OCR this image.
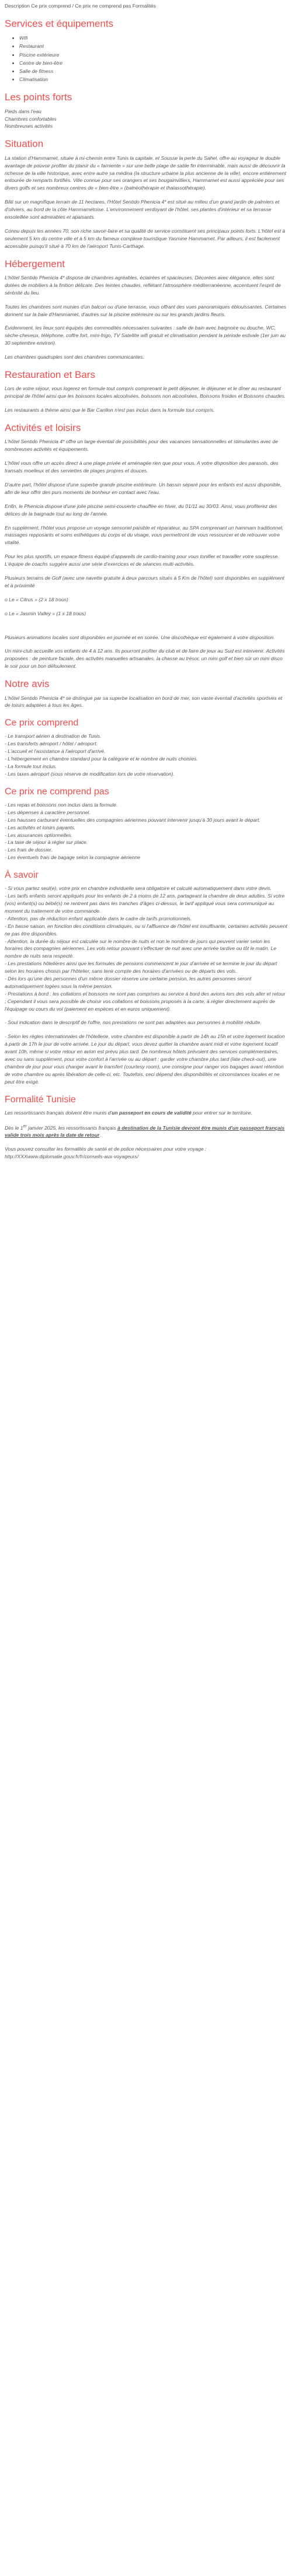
Description Ce prix comprend / Ce prix ne comprend pas Formalités

Services et équipements
• Wifi
• Restaurant
• Piscine extérieure
• Centre de bien-être
• Salle de fitness
• Climatisation
Les points forts
Pieds dans l'eau
Chambres confortables
Nombreuses activités
Situation

La station d'Hammamet, située à mi-chemin entre Tunis la capitale, et Sousse la perle du Sahel, offre au voyageur le double avantage de pouvoir profiter du plaisir du « farniente » sur une belle plage de sable fin interminable, mais aussi de découvrir la richesse de la ville historique, avec entre autre sa médina (la structure urbaine la plus ancienne de la ville), encore entièrement entourée de remparts fortifiés. Ville connue pour ses orangers et ses bougainvilliers, Hammamet est aussi appréciée pour ses divers golfs et ses nombreux centres de « bien-être » (balnéothérapie et thalassothérapie).

Bâti sur un magnifique terrain de 11 hectares, l'Hôtel Sentido Phenicia 4* est situé au milieu d'un grand jardin de palmiers et d'oliviers, au bord de la côte Hammamétoise. L'environnement verdoyant de l'hôtel, ses plantes d'intérieur et sa terrasse ensoleillée sont admirables et apaisants.

Connu depuis les années 70, son riche savoir-faire et sa qualité de service constituent ses principaux points forts. L'hôtel est à seulement 5 km du centre ville et à 5 km du fameux complexe touristique Yasmine Hammamet. Par ailleurs, il est facilement accessible puisqu'il situé à 70 km de l'aéroport Tunis-Carthage.

Hébergement

L'hôtel Sentido Phenicia 4* dispose de chambres agréables, éclairées et spacieuses. Décorées avec élégance, elles sont dotées de mobiliers à la finition délicate. Des teintes chaudes, reflétant l'atmosphère méditerranéenne, accentuent l'esprit de sérénité du lieu.

Toutes les chambres sont munies d'un balcon ou d'une terrasse, vous offrant des vues panoramiques éblouissantes. Certaines donnent sur la baie d'Hammamet, d'autres sur la piscine extérieure ou sur les grands jardins fleuris.

Évidemment, les lieux sont équipés des commodités nécessaires suivantes : salle de bain avec baignoire ou douche, WC, sèche-cheveux, téléphone, coffre fort, mini-frigo, TV Satellite wifi gratuit et climatisation pendant la période estivale (1er juin au 30 septembre environ).

Les chambres quadruples sont des chambres communicantes.

Restauration et Bars

Lors de votre séjour, vous logerez en formule tout compris comprenant le petit déjeuner, le déjeuner et le dîner au restaurant principal de l'hôtel ainsi que les boissons locales alcoolisées, boissons non alcoolisées, Boissons froides et Boissons chaudes.

Les restaurants à thème ainsi que le Bar Carillon n'est pas inclus dans la formule tout compris.

Activités et loisirs

L'hôtel Sentido Phenicia 4* offre un large éventail de possibilités pour des vacances sensationnelles et stimulantes avec de nombreuses activités et équipements.

L'hôtel vous offre un accès direct à une plage privée et aménagée rien que pour vous. A votre disposition des parasols, des transats moelleux et des serviettes de plages propres et douces.

D'autre part, l'hôtel dispose d'une superbe grande piscine extérieure. Un bassin séparé pour les enfants est aussi disponible, afin de leur offrir des purs moments de bonheur en contact avec l'eau.

Enfin, le Phenicia dispose d'une jolie piscine semi-couverte chauffée en hiver, du 01/11 au 30/03. Ainsi, vous profiterez des délices de la baignade tout au long de l'année.

En supplément, l'hôtel vous propose un voyage sensoriel paisible et réparateur, au SPA comprenant un hammam traditionnel, massages repposants et soins esthétiques du corps et du visage, vous permettront de vous ressourcer et de retrouver votre vitalité.

Pour les plus sportifs, un espace fitness équipé d'appareils de cardio-training pour vous tonifier et travailler votre souplesse. L'équipe de coachs suggère aussi une série d'exercices et de séances multi-activités.

Plusieurs terrains de Golf (avec une navette gratuite à deux parcours situés à 5 Km de l'hôtel) sont disponibles en supplément et à proximité

o Le « Citrus » (2 x 18 trous)

o Le « Jasmin Valley » (1 x 18 trous)

Plusieurs animations locales sont disponibles en journée et en soirée. Une discothèque est également à votre disposition.

Un mini-club accueille vos enfants de 4 à 12 ans. Ils pourront profiter du club et de faire de jeux au Sud est intervenir. Activités proposées : de peinture faciale, des activités manuelles artisanales, la chasse au trésor, un mini golf et bien sûr un mini disco le soir pour un bon défoulement.

Notre avis

L'hôtel Sentido Phenicia 4* se distingue par sa superbe localisation en bord de mer, son vaste éventail d'activités sportives et de loisirs adaptées à tous les âges.

Ce prix comprend

- Le transport aérien à destination de Tunis.

- Les transferts aéroport / hôtel / aéroport.

- L'accueil et l'assistance à l'aéroport d'arrivé.

- L'hébergement en chambre standard pour la catégorie et le nombre de nuits choisies.

- La formule tout inclus.

- Les taxes aéroport (sous réserve de modification lors de votre réservation).

Ce prix ne comprend pas

- Les repas et boissons non inclus dans la formule.

- Les dépenses à caractère personnel.

- Les hausses carburant éventuelles des compagnies aériennes pouvant intervenir jusqu'à 30 jours avant le départ.

- Les activités et loisirs payants.

- Les assurances optionnelles.

- La taxe de séjour à régler sur place.

- Les frais de dossier.

- Les éventuels frais de bagage selon la compagnie aérienne

À savoir

- Si vous partez seul(e), votre prix en chambre individuelle sera obligatoire et calculé automatiquement dans votre devis.

- Les tarifs enfants seront appliqués pour les enfants de 2 à moins de 12 ans, partageant la chambre de deux adultes. Si votre (vos) enfant(s) ou bébé(s) ne rentrent pas dans les tranches d'âges ci-dessus, le tarif appliqué vous sera communiqué au moment du traitement de votre commande.

- Attention, pas de réduction enfant applicable dans le cadre de tarifs promotionnels.

- En basse saison, en fonction des conditions climatiques, ou si l'affluence de l'hôtel est insuffisante, certaines activités peuvent ne pas être disponibles.

- Attention, la durée du séjour est calculée sur le nombre de nuits et non le nombre de jours qui peuvent varier selon les horaires des compagnies aériennes. Les vols retour pouvant s'effectuer de nuit avec une arrivée tardive ou tôt le matin. Le nombre de nuits sera respecté.

- Les prestations hôtelières ainsi que les formules de pensions commencent le jour d'arrivée et se termine le jour du départ selon les horaires choisis par l'hôtelier, sans tenir compte des horaires d'arrivées ou de départs des vols.

- Dès lors qu'une des personnes d'un même dossier réserve une certaine pension, les autres personnes seront automatiquement logées sous la même pension.

- Prestations à bord : les collations et boissons ne sont pas comprises au service à bord des avions lors des vols aller et retour ; Cependant il vous sera possible de choisir vos collations et boissons proposés à la carte, à régler directement auprès de l'équipage ou cours du vol (paiement en espèces et en euros uniquement).

- Soul indication dans le descriptif de l'offre, nos prestations ne sont pas adaptées aux personnes à mobilité réduite.

- Selon les règles internationales de l'hôtellerie, votre chambre est disponible à partir de 14h au 15h et votre logement location à partir de 17h le jour de votre arrivée. Le jour du départ, vous devez quitter la chambre avant midi et votre logement locatif avant 10h, même si votre retour en avion est prévu plus tard. De nombreux hôtels prévoient des services complémentaires, avec ou sans supplément, pour votre confort à l'arrivée ou au départ : garder votre chambre plus tard (late check-out), une chambre de jour pour vous changer avant le transfert (courtesy room), une consigne pour ranger vos bagages avant rétention de votre chambre ou après libération de celle-ci, etc. Toutefois, ceci dépend des disponibilités et circonstances locales et ne peut être exigé.

Formalité Tunisie

Les ressortissants français doivent être munis d'un passeport en cours de validité pour entrer sur le territoire.

Dès le 1er janvier 2025, les ressortissants français à destination de la Tunisie devront être munis d'un passeport français valide trois mois après la date de retour.

Vous pouvez consulter les formalités de santé et de police nécessaires pour votre voyage : http://XXXwww.diplomatie.gouv.fr/fr/conseils-aux-voyageurs/
